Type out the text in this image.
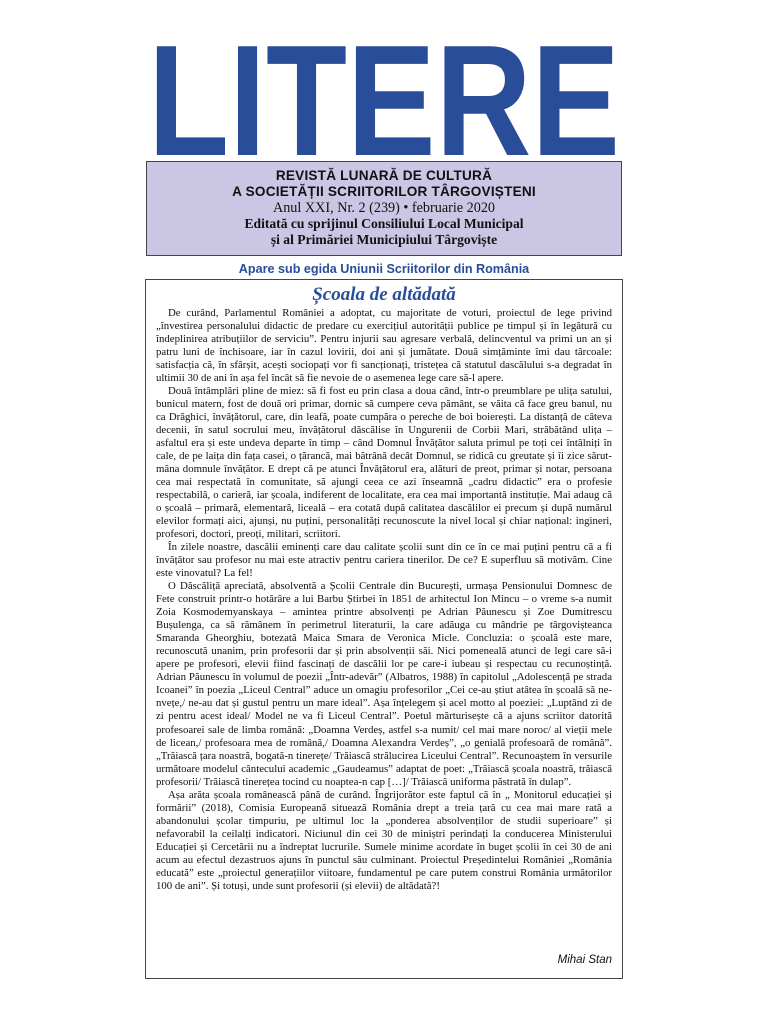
LITERE
REVISTĂ LUNARĂ DE CULTURĂ
A SOCIETĂȚII SCRIITORILOR TÂRGOVIȘTENI
Anul XXI, Nr. 2 (239) • februarie 2020
Editată cu sprijinul Consiliului Local Municipal
și al Primăriei Municipiului Târgoviște
Apare sub egida Uniunii Scriitorilor din România
Școala de altădată

De curând, Parlamentul României a adoptat, cu majoritate de voturi, proiectul de lege privind „învestirea personalului didactic de predare cu exercițiul autorității publice pe timpul și în legătură cu îndeplinirea atribuțiilor de serviciu”. Pentru injurii sau agresare verbală, delincventul va primi un an și patru luni de închisoare, iar în cazul lovirii, doi ani și jumătate. Două simțăminte îmi dau târcoale: satisfacția că, în sfârșit, acești sociopați vor fi sancționați, tristețea că statutul dascălului s-a degradat în ultimii 30 de ani în așa fel încât să fie nevoie de o asemenea lege care să-l apere.

Două întâmplări pline de miez: să fi fost eu prin clasa a doua când, într-o preumblare pe ulița satului, bunicul matern, fost de două ori primar, dornic să cumpere ceva pământ, se văita că face greu banul, nu ca Drăghici, învățătorul, care, din leafă, poate cumpăra o pereche de boi boierești. La distanță de câteva decenii, în satul socrului meu, învățătorul dăscălise în Ungurenii de Corbii Mari, străbătând ulița – asfaltul era și este undeva departe în timp – când Domnul Învățător saluta primul pe toți cei întâlniți în cale, de pe laița din fața casei, o țărancă, mai bătrână decât Domnul, se ridică cu greutate și îi zice sărut-mâna domnule învățător. E drept că pe atunci Învățătorul era, alături de preot, primar și notar, persoana cea mai respectată în comunitate, să ajungi ceea ce azi înseamnă „cadru didactic” era o profesie respectabilă, o carieră, iar școala, indiferent de localitate, era cea mai importantă instituție. Mai adaug că o școală – primară, elementară, liceală – era cotată după calitatea dascălilor ei precum și după numărul elevilor formați aici, ajunși, nu puțini, personalități recunoscute la nivel local și chiar național: ingineri, profesori, doctori, preoți, militari, scriitori.

În zilele noastre, dascălii eminenți care dau calitate școlii sunt din ce în ce mai puțini pentru că a fi învățător sau profesor nu mai este atractiv pentru cariera tinerilor. De ce? E superfluu să motivăm. Cine este vinovatul? La fel!

O Dăscăliță apreciată, absolventă a Școlii Centrale din București, urmașa Pensionului Domnesc de Fete construit printr-o hotărâre a lui Barbu Știrbei în 1851 de arhitectul Ion Mincu – o vreme s-a numit Zoia Kosmodemyanskaya – amintea printre absolvenți pe Adrian Păunescu și Zoe Dumitrescu Bușulenga, ca să rămânem în perimetrul literaturii, la care adăuga cu mândrie pe târgovișteanca Smaranda Gheorghiu, botezată Maica Smara de Veronica Micle. Concluzia: o școală este mare, recunoscută unanim, prin profesorii dar și prin absolvenții săi. Nici pomeneală atunci de legi care să-i apere pe profesori, elevii fiind fascinați de dascălii lor pe care-i iubeau și respectau cu recunoștință. Adrian Păunescu în volumul de poezii „Într-adevăr” (Albatros, 1988) în capitolul „Adolescență pe strada Icoanei” în poezia „Liceul Central” aduce un omagiu profesorilor „Cei ce-au știut atâtea în școală să ne-nvețe,/ ne-au dat și gustul pentru un mare ideal”. Așa înțelegem și acel motto al poeziei: „Luptând zi de zi pentru acest ideal/ Model ne va fi Liceul Central”. Poetul mărturisește că a ajuns scriitor datorită profesoarei sale de limba română: „Doamna Verdeș, astfel s-a numit/ cel mai mare noroc/ al vieții mele de licean,/ profesoara mea de română,/ Doamna Alexandra Verdeș”, „o genială profesoară de română”. „Trăiască țara noastră, bogată-n tinerețe/ Trăiască strălucirea Liceului Central”. Recunoaștem în versurile următoare modelul cântecului academic „Gaudeamus” adaptat de poet: „Trăiască școala noastră, trăiască profesorii/ Trăiască tinerețea tocind cu noaptea-n cap […]/ Trăiască uniforma păstrată în dulap”.

Așa arăta școala românească până de curând. Îngrijorător este faptul că în „ Monitorul educației și formării” (2018), Comisia Europeană situează România drept a treia țară cu cea mai mare rată a abandonului școlar timpuriu, pe ultimul loc la „ponderea absolvenților de studii superioare” și nefavorabil la ceilalți indicatori. Niciunul din cei 30 de miniștri perindați la conducerea Ministerului Educației și Cercetării nu a îndreptat lucrurile. Sumele minime acordate în buget școlii în cei 30 de ani acum au efectul dezastruos ajuns în punctul său culminant. Proiectul Președintelui României „România educată” este „proiectul generațiilor viitoare, fundamentul pe care putem construi România următorilor 100 de ani”. Și totuși, unde sunt profesorii (și elevii) de altădată?!

Mihai Stan
